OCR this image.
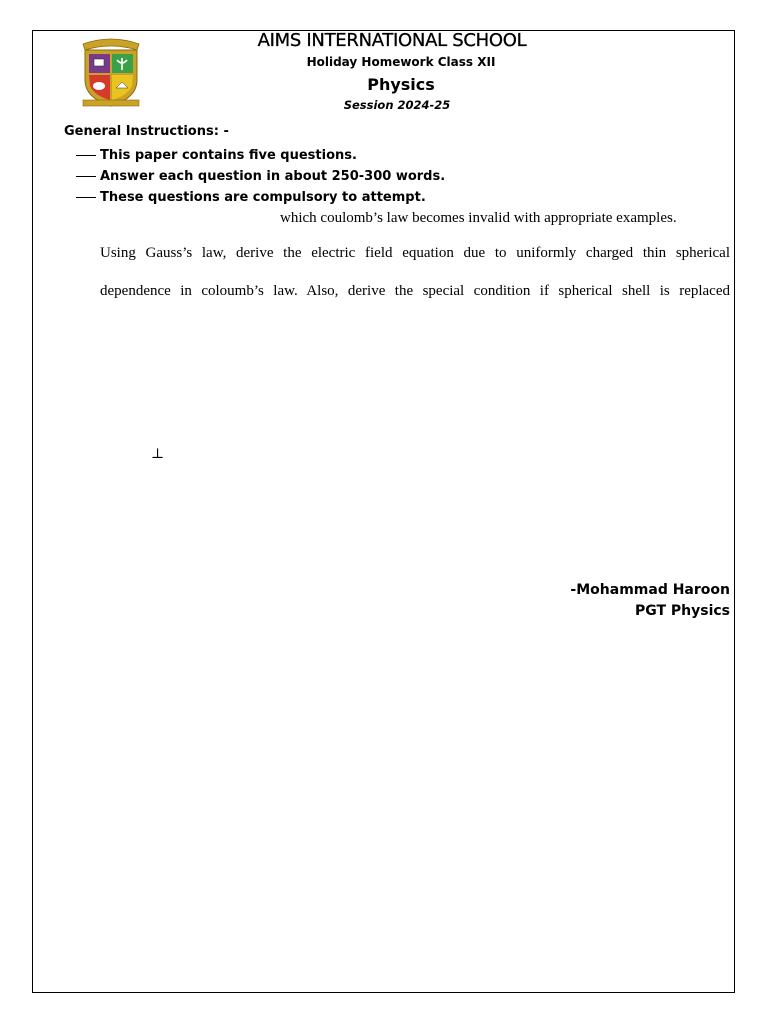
AIMS INTERNATIONAL SCHOOL
Holiday Homework Class XII
Physics
Session 2024-25
General Instructions: -
This paper contains five questions.
Answer each question in about 250-300 words.
These questions are compulsory to attempt.
which coulomb’s law becomes invalid with appropriate examples.
Using Gauss’s law, derive the electric field equation due to uniformly charged thin spherical
dependence in coloumb’s law. Also, derive the special condition if spherical shell is replaced
⊥
-Mohammad Haroon
PGT Physics
